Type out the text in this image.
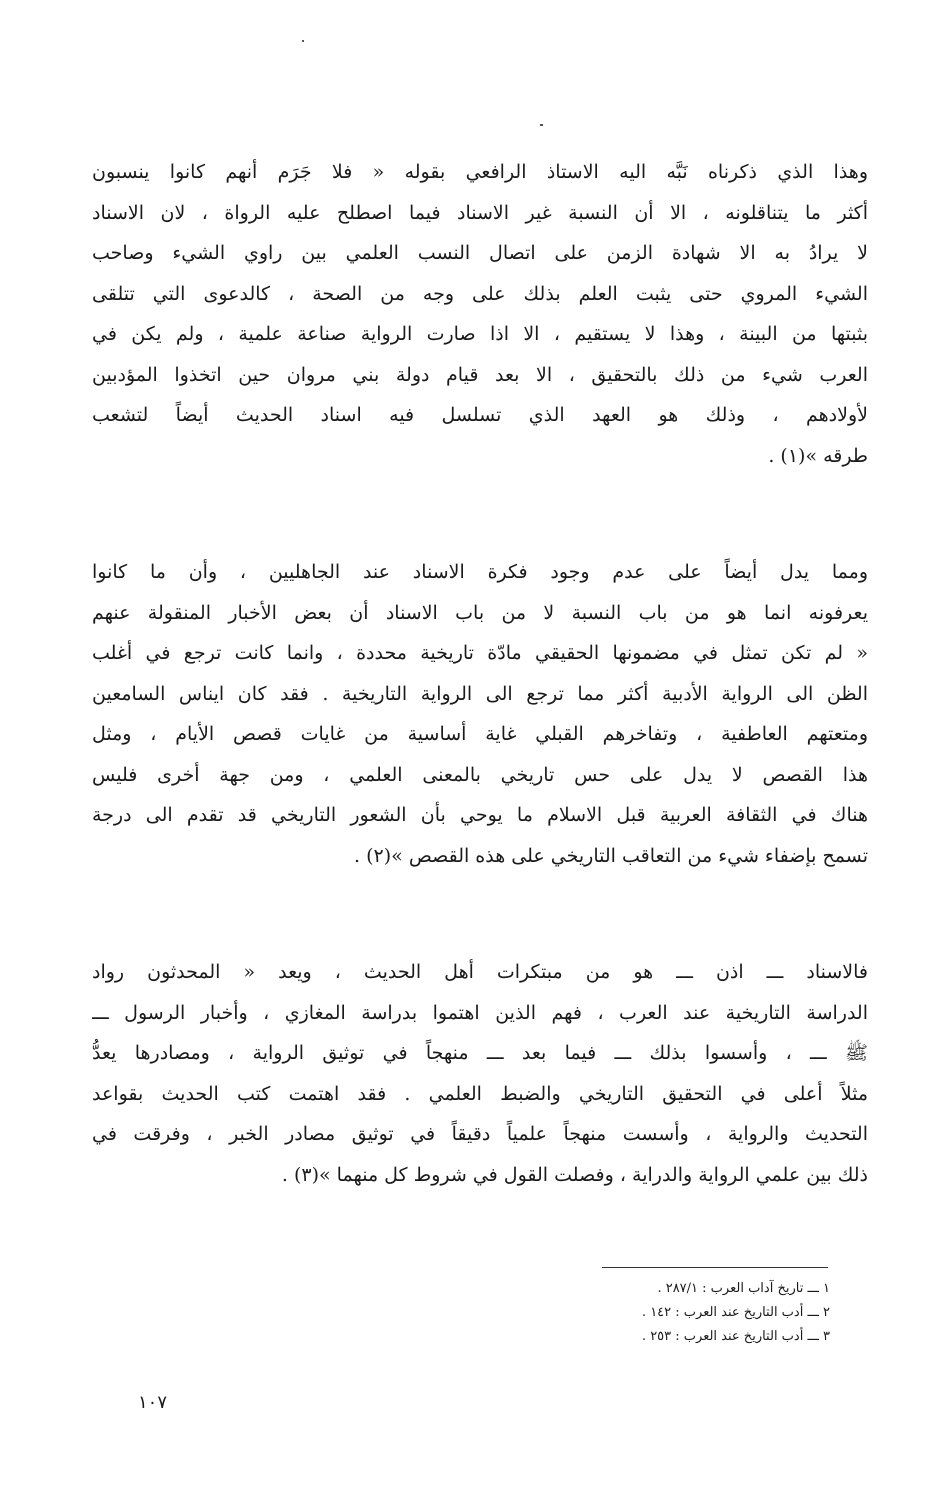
وهذا الذي ذكرناه نَبَّه اليه الاستاذ الرافعي بقوله « فلا جَرَم أنهم كانوا ينسبون
أكثر ما يتناقلونه ، الا أن النسبة غير الاسناد فيما اصطلح عليه الرواة ، لان الاسناد
لا يرادُ به الا شهادة الزمن على اتصال النسب العلمي بين راوي الشيء وصاحب
الشيء المروي حتى يثبت العلم بذلك على وجه من الصحة ، كالدعوى التي تتلقى
بثبتها من البينة ، وهذا لا يستقيم ، الا اذا صارت الرواية صناعة علمية ، ولم يكن في
العرب شيء من ذلك بالتحقيق ، الا بعد قيام دولة بني مروان حين اتخذوا المؤدبين
لأولادهم ، وذلك هو العهد الذي تسلسل فيه اسناد الحديث أيضاً لتشعب
طرقه »(١) .
ومما يدل أيضاً على عدم وجود فكرة الاسناد عند الجاهليين ، وأن ما كانوا
يعرفونه انما هو من باب النسبة لا من باب الاسناد أن بعض الأخبار المنقولة عنهم
« لم تكن تمثل في مضمونها الحقيقي مادّة تاريخية محددة ، وانما كانت ترجع في أغلب
الظن الى الرواية الأدبية أكثر مما ترجع الى الرواية التاريخية . فقد كان ايناس السامعين
ومتعتهم العاطفية ، وتفاخرهم القبلي غاية أساسية من غايات قصص الأيام ، ومثل
هذا القصص لا يدل على حس تاريخي بالمعنى العلمي ، ومن جهة أخرى فليس
هناك في الثقافة العربية قبل الاسلام ما يوحي بأن الشعور التاريخي قد تقدم الى درجة
تسمح بإضفاء شيء من التعاقب التاريخي على هذه القصص »(٢) .
فالاسناد ـــ اذن ـــ هو من مبتكرات أهل الحديث ، ويعد « المحدثون رواد
الدراسة التاريخية عند العرب ، فهم الذين اهتموا بدراسة المغازي ، وأخبار الرسول ـــ
ﷺ ـــ ، وأسسوا بذلك ـــ فيما بعد ـــ منهجاً في توثيق الرواية ، ومصادرها يعدُّ
مثلاً أعلى في التحقيق التاريخي والضبط العلمي . فقد اهتمت كتب الحديث بقواعد
التحديث والرواية ، وأسست منهجاً علمياً دقيقاً في توثيق مصادر الخبر ، وفرقت في
ذلك بين علمي الرواية والدراية ، وفصلت القول في شروط كل منهما »(٣) .
١ ـــ تاريخ آداب العرب : ٢٨٧/١ .
٢ ـــ أدب التاريخ عند العرب : ١٤٢ .
٣ ـــ أدب التاريخ عند العرب : ٢٥٣ .
١٠٧
